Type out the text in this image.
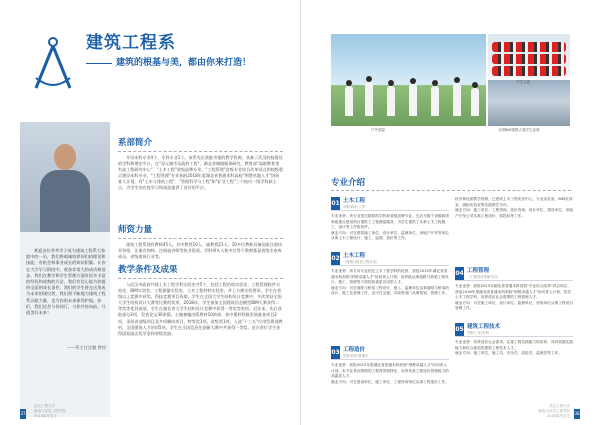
建筑工程系
建筑的根基与美，都由你来打造！
欢迎各位莘莘学子成为建筑工程系大家庭中的一员，我们将竭诚培养你们的理论和技能，有机会和事业成长的知识积累。让你在大学学习阶段中，收获非常大的成功和进步。我们在教学和学生管理方面有很多丰富的经验和成熟的方法，我们有信心能为你提供全面的成长条件，我们的学生将在这里成为未来的建设者，我们将不断地为建筑工程系贡献力量，也为你的未来保驾护航，你们，我们还会与你同行，与你并肩向前，开创美好未来！
——系主任沈鹏 教授
系部简介
开设本科专业4个、专科专业1个。该系先后获批市重的教学资源，具备了武汉院校建设的学科和理论平台，在"双元城市及政府工程"、湖北省城镇服务研究、教育部"高职教育类有高工程研究中心"、"土木工程"省级品牌专业、"工程管理"省级专业综合改革试点和校级重点建设本科专业，"工程管理"专业获批2018年度湖北省普通本科高校"荆楚卓越人才"协同育人计划，有"土木与建筑工程"、"管理科学与工程"和"矿业工程"三个校内一级学科硕士点，为学生的在校学习和深造提供了良好的平台。
师资力量
建筑工程系现有教师45人，其中教授10人，副教授21人，10多位教师具备国家注册执业资格，注册咨询师，注册造价师等执业资质。学科带头人和多位骨干教师都是省级专家库成员，省级建筑行业等。
教学条件及成果
与武汉市政府共建土木工程学科实验室共5个，包括工程结构实验室、工程管理软件实验室、BIM实训室、工程测量实验室、土木工程材料实验室，并上方便实验要求。学生在省级以上竞赛中获奖，科技竞赛项目资助，学生在全国大学生结构设计竞赛中，多次荣获全国大学生结构设计大赛等比赛的奖项。2018年，学生参加全国建筑信息模型BIM大赛获得二等奖等优异成绩。学生在湖北省大学生结构设计竞赛中获得一等奖等奖项。近年来，先后获批部分2项，发表论文30余篇，主编参编出版教材10余部。获中建杯铁路发展基金项目2项，承担省部级项目及多项横向项目，特等奖1项，省级奖1项，入选"十三五"应用型规划教材，全国建筑人才培训5项，学生在全国信息化创新大赛中共获得一等奖，近百余位学生获得国家励志奖学金和省级奖励。
37
武汉工程大学
邮电与信息工程学院
2018届毕业生
户外测量
学生交流
全国BIM建模大赛学生参赛
专业介绍
01 土木工程
学制:四年/工学
专业优势：该专业依托雄厚的学科和省级品牌专业，先后为数个省级和国家级重点建设项目提供了工程测量服务，为学生提供了从事土木工程施工、设计等工作的条件。
就业方向：可在建筑施工单位，设计单位，监理单位，房地产开发等单位从事土木工程设计、施工、监理、造价等工作。
02 土木工程
（道路与桥梁工程方向）
专业优势：该方向专业依托土木工程学科的优势，获批2015年湖北省普通本科高校"荆楚卓越人才"协同育人计划，培养能从事道路与桥梁工程设计、施工、管理等方面的高素质应用型人才。
就业方向：可在道路与桥梁工程设计、施工、监理单位从事道路与桥梁的设计、施工及管理工作，也可在交通、市政等部门从事规划、管理工作。
03 工程造价
学制:四年/管理学
专业优势：获批2015年度湖北省普通本科高校"荆楚卓越人才"协同育人计划，本专业具有鲜明的工程背景和特色，培养具备工程造价管理能力的高素质人才。
就业方向：可在建设单位、施工单位、工程咨询单位从事工程造价工作。
校各种优质教学资源，已建成土木工程实验中心，专业实验室，BIM实训室，测绘实验室等实践教学平台。
就业方向：施工单位、工程咨询、造价咨询、设计单位、建设单位、房地产开发公司从事工程造价、招投标等工作。
04 工程管理
（工程项目管理方向）
专业优势：获批2015年湖北省普通本科高校"专业综合改革"试点项目，获批2018年度湖北省普通本科高校"荆楚卓越人才"协同育人计划，依托土木工程学科，培养适应社会需要的工程管理人才。
就业方向：可在施工单位、设计单位、监理单位、咨询单位从事工程项目管理工作。
05 建筑工程技术
学制:三年/专科
专业优势：培养适应社会需求，注重工程实践能力的培养，具有较强实践能力和综合素质的建筑工程技术人才。
就业方向：施工单位、施工员、安全员、质检员、监理员等工作。
武汉工程大学
邮电与信息工程学院
2018届毕业生 38
